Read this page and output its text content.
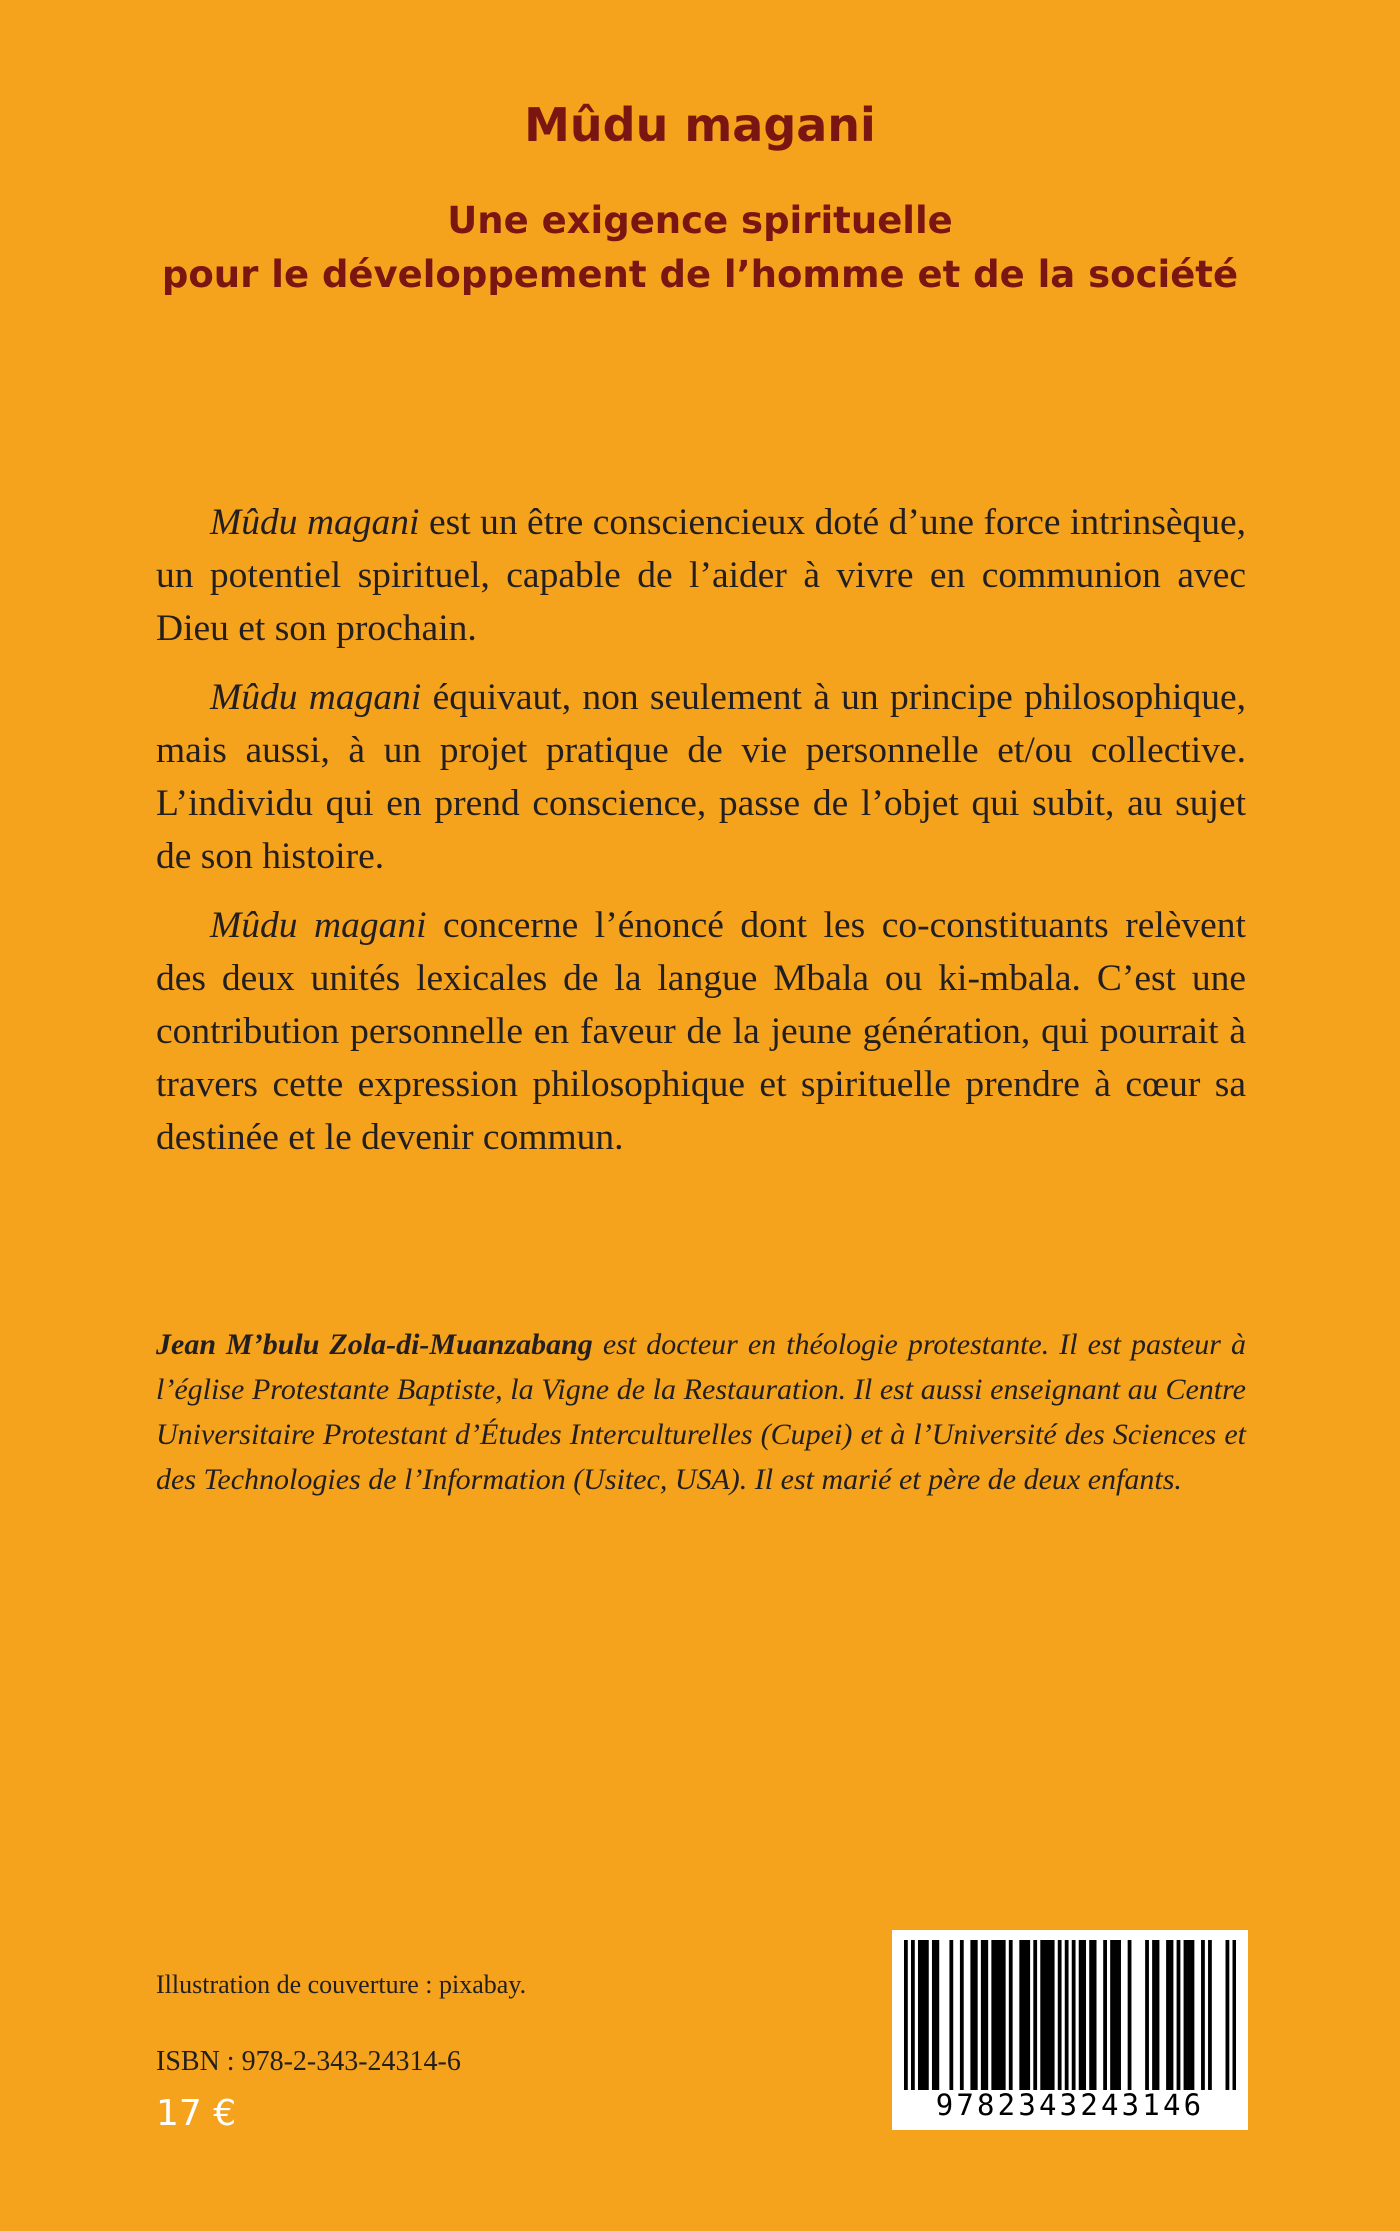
Mûdu magani
Une exigence spirituelle
pour le développement de l’homme et de la société

Mûdu magani est un être consciencieux doté d’une force intrinsèque, un potentiel spirituel, capable de l’aider à vivre en communion avec Dieu et son prochain.

Mûdu magani équivaut, non seulement à un principe philosophique, mais aussi, à un projet pratique de vie personnelle et/ou collective. L’individu qui en prend conscience, passe de l’objet qui subit, au sujet de son histoire.

Mûdu magani concerne l’énoncé dont les co-constituants relèvent des deux unités lexicales de la langue Mbala ou ki-mbala. C’est une contribution personnelle en faveur de la jeune génération, qui pourrait à travers cette expression philosophique et spirituelle prendre à cœur sa destinée et le devenir commun.

Jean M’bulu Zola-di-Muanzabang est docteur en théologie protestante. Il est pasteur à l’église Protestante Baptiste, la Vigne de la Restauration. Il est aussi enseignant au Centre Universitaire Protestant d’Études Interculturelles (Cupei) et à l’Université des Sciences et des Technologies de l’Information (Usitec, USA). Il est marié et père de deux enfants.

Illustration de couverture : pixabay.

ISBN : 978-2-343-24314-6

17 €	9782343243146
